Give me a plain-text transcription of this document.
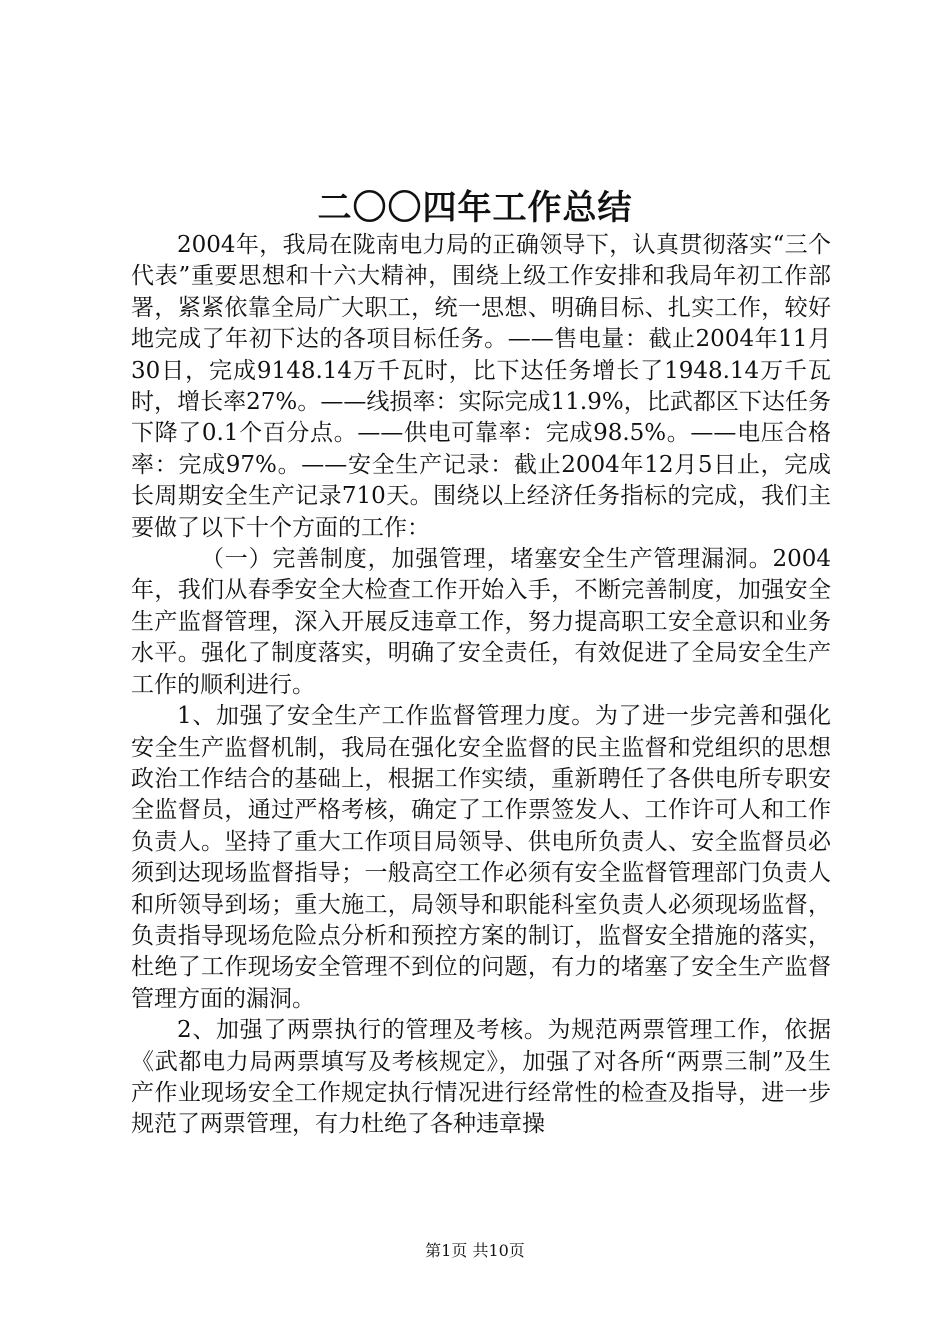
二〇〇四年工作总结

2004年，我局在陇南电力局的正确领导下，认真贯彻落实“三个代表”重要思想和十六大精神，围绕上级工作安排和我局年初工作部署，紧紧依靠全局广大职工，统一思想、明确目标、扎实工作，较好地完成了年初下达的各项目标任务。——售电量：截止2004年11月30日，完成9148.14万千瓦时，比下达任务增长了1948.14万千瓦时，增长率27%。——线损率：实际完成11.9%，比武都区下达任务下降了0.1个百分点。——供电可靠率：完成98.5%。——电压合格率：完成97%。——安全生产记录：截止2004年12月5日止，完成长周期安全生产记录710天。围绕以上经济任务指标的完成，我们主要做了以下十个方面的工作：

（一）完善制度，加强管理，堵塞安全生产管理漏洞。2004年，我们从春季安全大检查工作开始入手，不断完善制度，加强安全生产监督管理，深入开展反违章工作，努力提高职工安全意识和业务水平。强化了制度落实，明确了安全责任，有效促进了全局安全生产工作的顺利进行。

1、加强了安全生产工作监督管理力度。为了进一步完善和强化安全生产监督机制，我局在强化安全监督的民主监督和党组织的思想政治工作结合的基础上，根据工作实绩，重新聘任了各供电所专职安全监督员，通过严格考核，确定了工作票签发人、工作许可人和工作负责人。坚持了重大工作项目局领导、供电所负责人、安全监督员必须到达现场监督指导；一般高空工作必须有安全监督管理部门负责人和所领导到场；重大施工，局领导和职能科室负责人必须现场监督，负责指导现场危险点分析和预控方案的制订，监督安全措施的落实，杜绝了工作现场安全管理不到位的问题，有力的堵塞了安全生产监督管理方面的漏洞。

2、加强了两票执行的管理及考核。为规范两票管理工作，依据《武都电力局两票填写及考核规定》，加强了对各所“两票三制”及生产作业现场安全工作规定执行情况进行经常性的检查及指导，进一步规范了两票管理，有力杜绝了各种违章操

第1页 共10页
